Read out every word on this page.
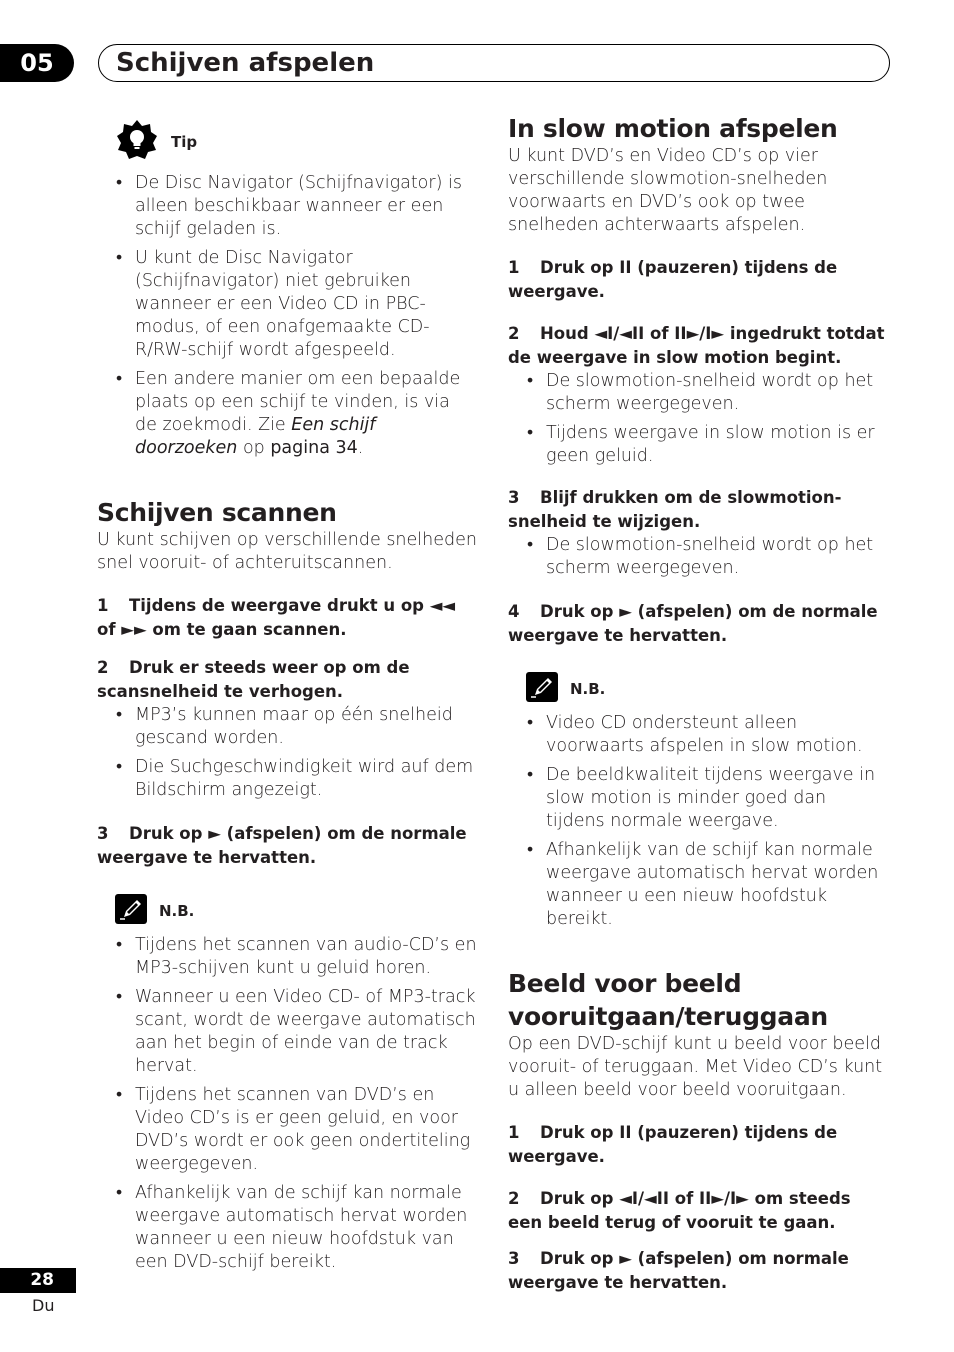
05	Schijven afspelen
Tip
• De Disc Navigator (Schijfnavigator) is alleen beschikbaar wanneer er een schijf geladen is.
• U kunt de Disc Navigator (Schijfnavigator) niet gebruiken wanneer er een Video CD in PBC-modus, of een onafgemaakte CD-R/RW-schijf wordt afgespeeld.
• Een andere manier om een bepaalde plaats op een schijf te vinden, is via de zoekmodi. Zie Een schijf doorzoeken op pagina 34.
Schijven scannen

U kunt schijven op verschillende snelheden snel vooruit- of achteruitscannen.

1 Tijdens de weergave drukt u op ◄◄ of ►► om te gaan scannen.

2 Druk er steeds weer op om de scansnelheid te verhogen.

• MP3’s kunnen maar op één snelheid gescand worden.
• Die Suchgeschwindigkeit wird auf dem Bildschirm angezeigt.

3 Druk op ► (afspelen) om de normale weergave te hervatten.

N.B.
• Tijdens het scannen van audio-CD’s en MP3-schijven kunt u geluid horen.
• Wanneer u een Video CD- of MP3-track scant, wordt de weergave automatisch aan het begin of einde van de track hervat.
• Tijdens het scannen van DVD’s en Video CD’s is er geen geluid, en voor DVD’s wordt er ook geen ondertiteling weergegeven.
• Afhankelijk van de schijf kan normale weergave automatisch hervat worden wanneer u een nieuw hoofdstuk van een DVD-schijf bereikt.
In slow motion afspelen

U kunt DVD’s en Video CD’s op vier verschillende slowmotion-snelheden voorwaarts en DVD’s ook op twee snelheden achterwaarts afspelen.

1 Druk op II (pauzeren) tijdens de weergave.

2 Houd ◄I/◄II of II►/I► ingedrukt totdat de weergave in slow motion begint.

• De slowmotion-snelheid wordt op het scherm weergegeven.
• Tijdens weergave in slow motion is er geen geluid.

3 Blijf drukken om de slowmotion-snelheid te wijzigen.

• De slowmotion-snelheid wordt op het scherm weergegeven.

4 Druk op ► (afspelen) om de normale weergave te hervatten.

N.B.
• Video CD ondersteunt alleen voorwaarts afspelen in slow motion.
• De beeldkwaliteit tijdens weergave in slow motion is minder goed dan tijdens normale weergave.
• Afhankelijk van de schijf kan normale weergave automatisch hervat worden wanneer u een nieuw hoofdstuk bereikt.
Beeld voor beeld vooruitgaan/teruggaan

Op een DVD-schijf kunt u beeld voor beeld vooruit- of teruggaan. Met Video CD’s kunt u alleen beeld voor beeld vooruitgaan.

1 Druk op II (pauzeren) tijdens de weergave.

2 Druk op ◄I/◄II of II►/I► om steeds een beeld terug of vooruit te gaan.

3 Druk op ► (afspelen) om normale weergave te hervatten.

28
Du
